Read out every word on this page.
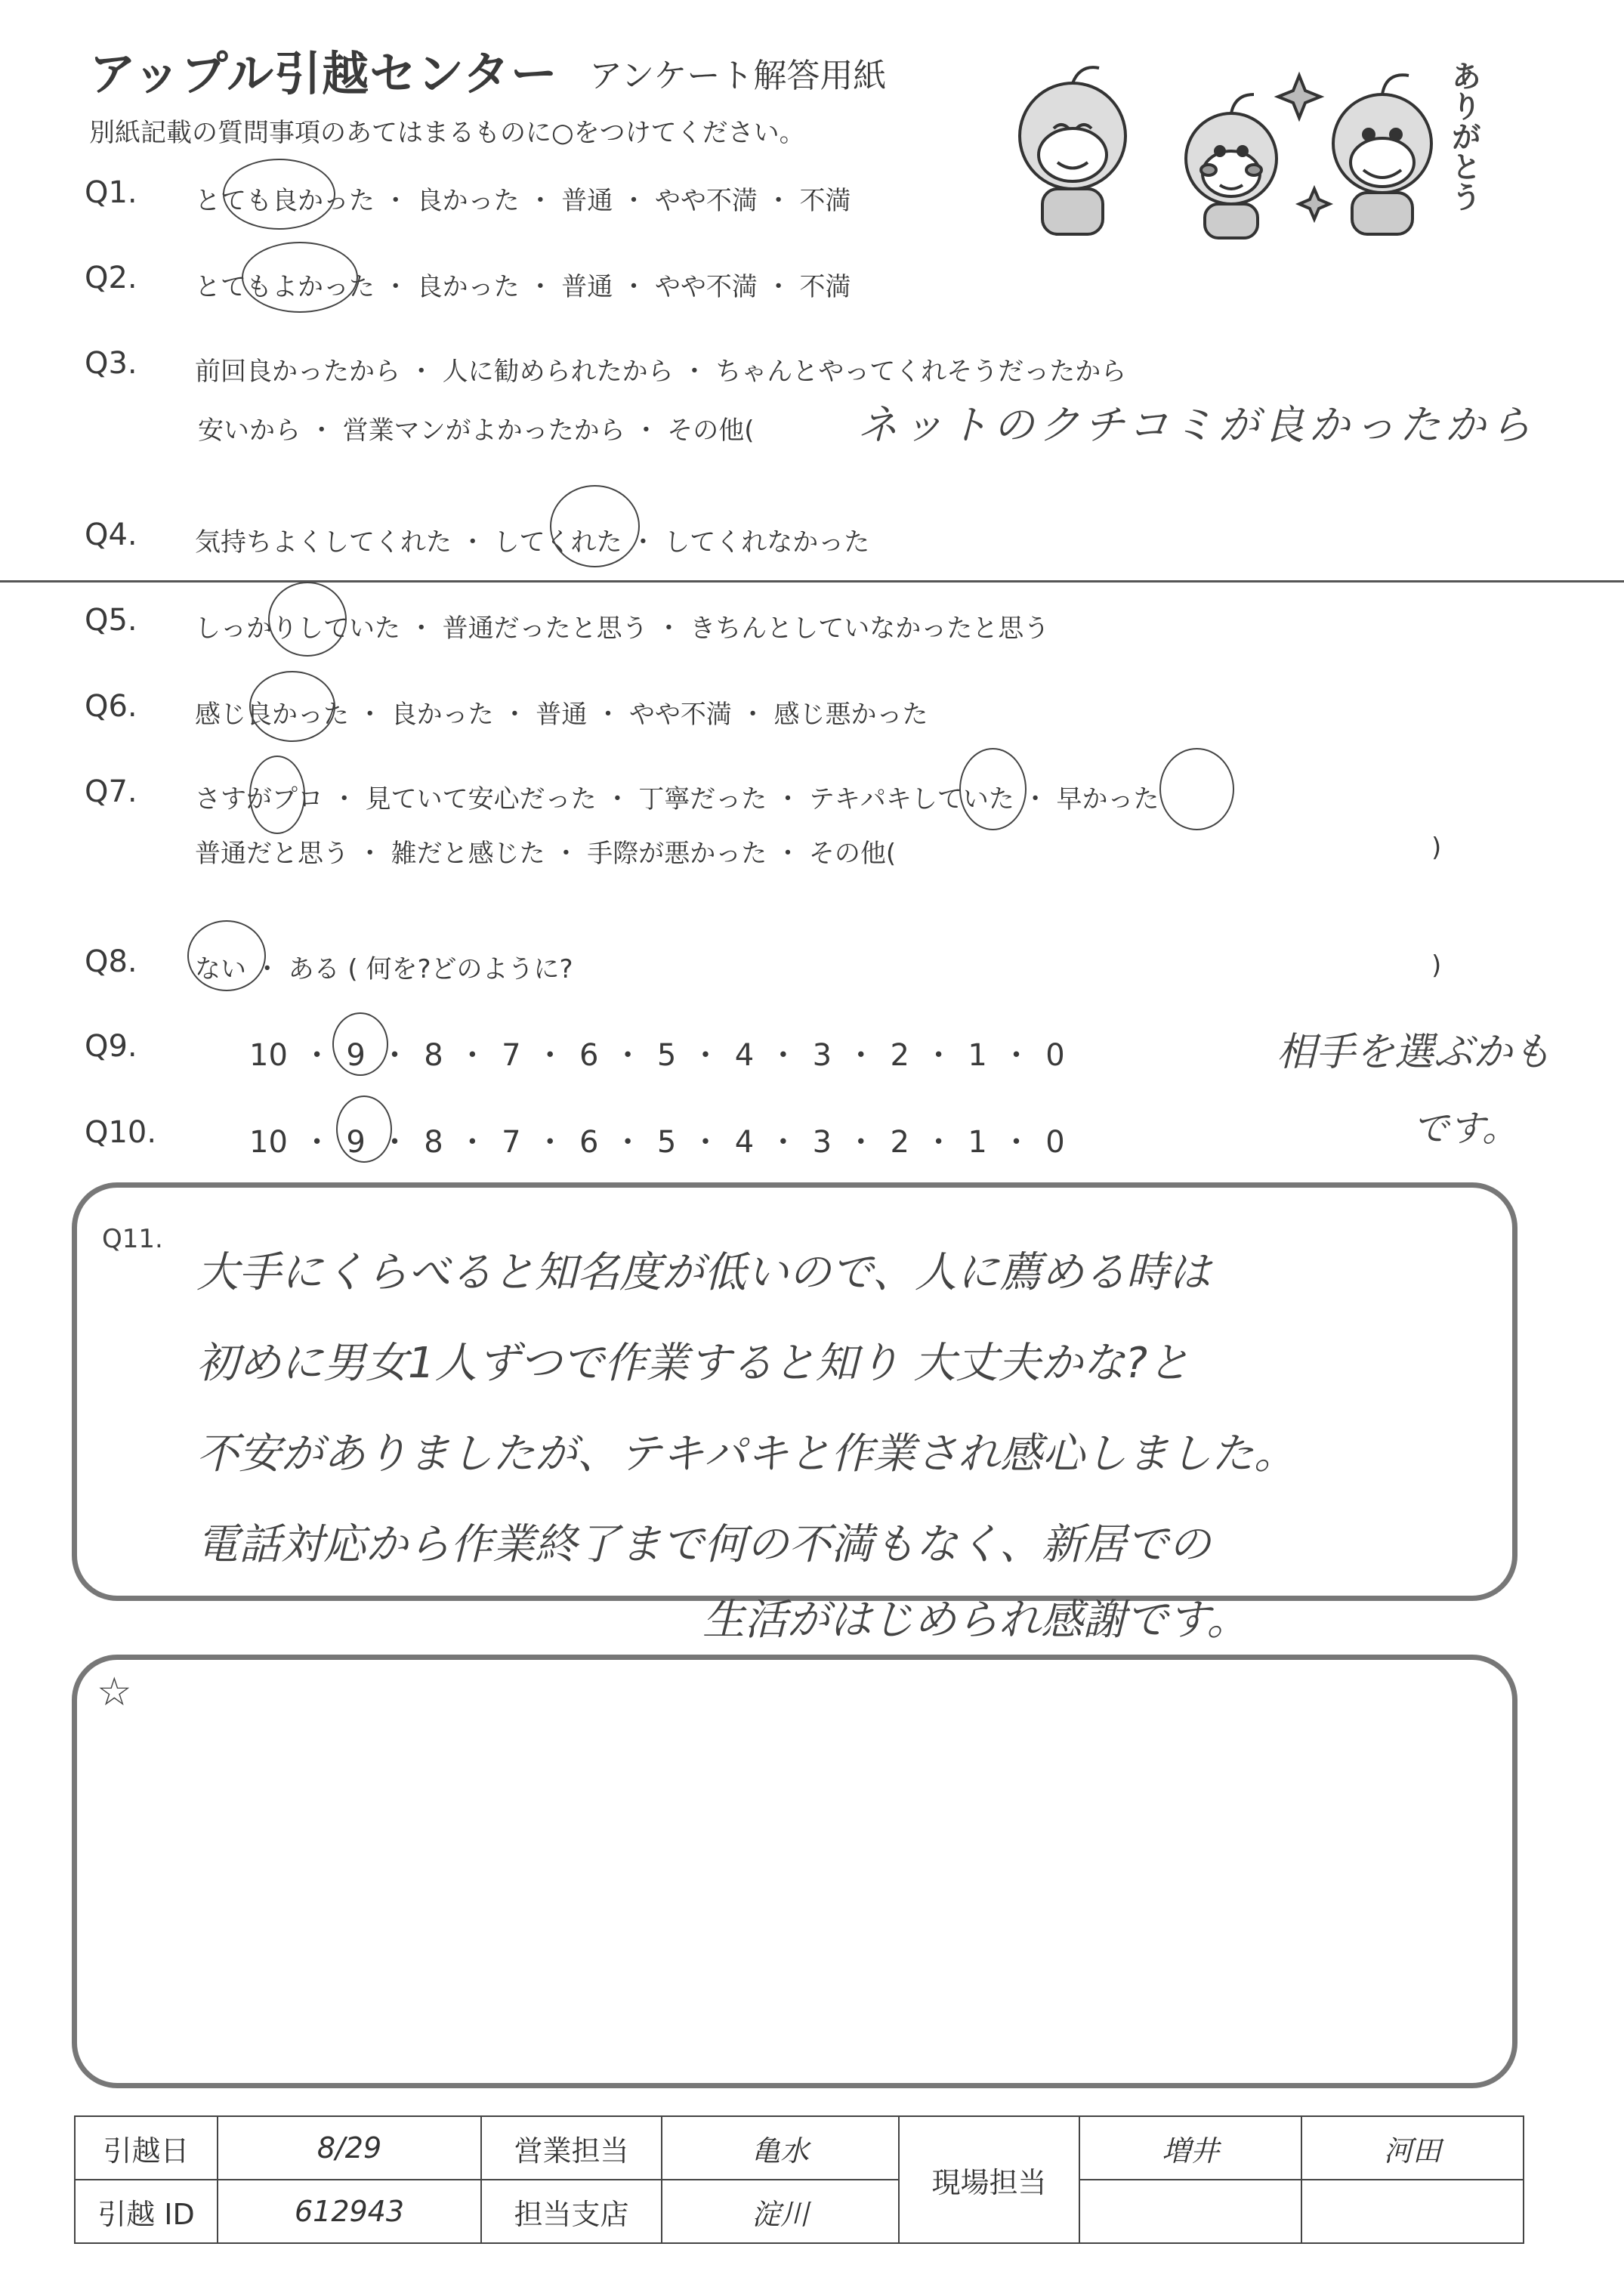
アップル引越センター アンケート解答用紙
別紙記載の質問事項のあてはまるものに○をつけてください。	ありがとう
Q1. とても良かった ・ 良かった ・ 普通 ・ やや不満 ・ 不満
Q2. とてもよかった ・ 良かった ・ 普通 ・ やや不満 ・ 不満
Q3. 前回良かったから ・ 人に勧められたから ・ ちゃんとやってくれそうだったから
安いから ・ 営業マンがよかったから ・ その他(	ネットのクチコミが良かったから
Q4. 気持ちよくしてくれた ・ してくれた ・ してくれなかった
Q5. しっかりしていた ・ 普通だったと思う ・ きちんとしていなかったと思う
Q6. 感じ良かった ・ 良かった ・ 普通 ・ やや不満 ・ 感じ悪かった
Q7. さすがプロ ・ 見ていて安心だった ・ 丁寧だった ・ テキパキしていた ・ 早かった
普通だと思う ・ 雑だと感じた ・ 手際が悪かった ・ その他(	)
Q8. ない ・ ある ( 何を?どのように?	)
Q9.	10 ・ 9 ・ 8 ・ 7 ・ 6 ・ 5 ・ 4 ・ 3 ・ 2 ・ 1 ・ 0	相手を選ぶかも
です。
Q10.	10 ・ 9 ・ 8 ・ 7 ・ 6 ・ 5 ・ 4 ・ 3 ・ 2 ・ 1 ・ 0
Q11.
大手にくらべると知名度が低いので、人に薦める時は
初めに男女1人ずつで作業すると知り 大丈夫かな?と
不安がありましたが、テキパキと作業され感心しました。
電話対応から作業終了まで何の不満もなく、新居での
生活がはじめられ感謝です。
☆
引越日	8/29	営業担当	亀水	現場担当	増井	河田
引越 ID	612943	担当支店	淀川			
